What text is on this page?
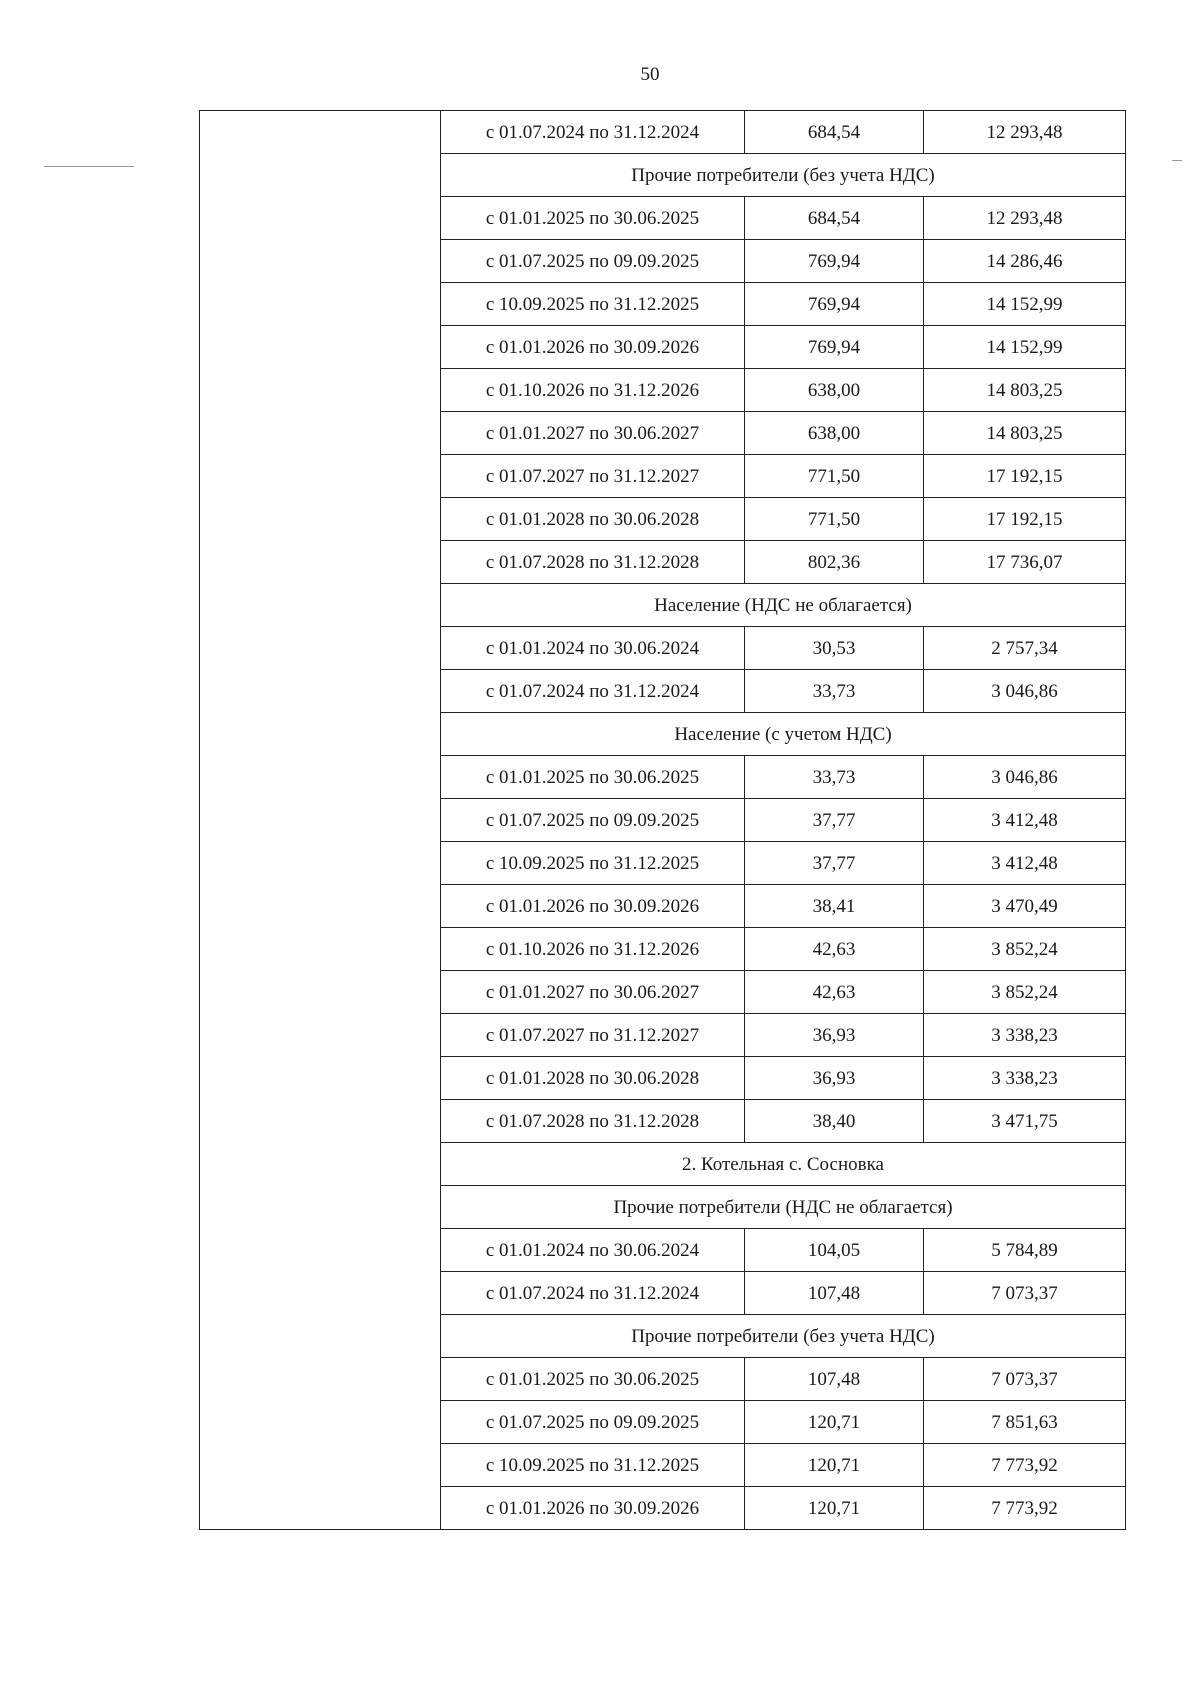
50
	с 01.07.2024 по 31.12.2024	684,54	12 293,48
	Прочие потребители (без учета НДС)		
	с 01.01.2025 по 30.06.2025	684,54	12 293,48
	с 01.07.2025 по 09.09.2025	769,94	14 286,46
	с 10.09.2025 по 31.12.2025	769,94	14 152,99
	с 01.01.2026 по 30.09.2026	769,94	14 152,99
	с 01.10.2026 по 31.12.2026	638,00	14 803,25
	с 01.01.2027 по 30.06.2027	638,00	14 803,25
	с 01.07.2027 по 31.12.2027	771,50	17 192,15
	с 01.01.2028 по 30.06.2028	771,50	17 192,15
	с 01.07.2028 по 31.12.2028	802,36	17 736,07
	Население (НДС не облагается)		
	с 01.01.2024 по 30.06.2024	30,53	2 757,34
	с 01.07.2024 по 31.12.2024	33,73	3 046,86
	Население (с учетом НДС)		
	с 01.01.2025 по 30.06.2025	33,73	3 046,86
	с 01.07.2025 по 09.09.2025	37,77	3 412,48
	с 10.09.2025 по 31.12.2025	37,77	3 412,48
	с 01.01.2026 по 30.09.2026	38,41	3 470,49
	с 01.10.2026 по 31.12.2026	42,63	3 852,24
	с 01.01.2027 по 30.06.2027	42,63	3 852,24
	с 01.07.2027 по 31.12.2027	36,93	3 338,23
	с 01.01.2028 по 30.06.2028	36,93	3 338,23
	с 01.07.2028 по 31.12.2028	38,40	3 471,75
	2. Котельная с. Сосновка		
	Прочие потребители (НДС не облагается)		
	с 01.01.2024 по 30.06.2024	104,05	5 784,89
	с 01.07.2024 по 31.12.2024	107,48	7 073,37
	Прочие потребители (без учета НДС)		
	с 01.01.2025 по 30.06.2025	107,48	7 073,37
	с 01.07.2025 по 09.09.2025	120,71	7 851,63
	с 10.09.2025 по 31.12.2025	120,71	7 773,92
	с 01.01.2026 по 30.09.2026	120,71	7 773,92
